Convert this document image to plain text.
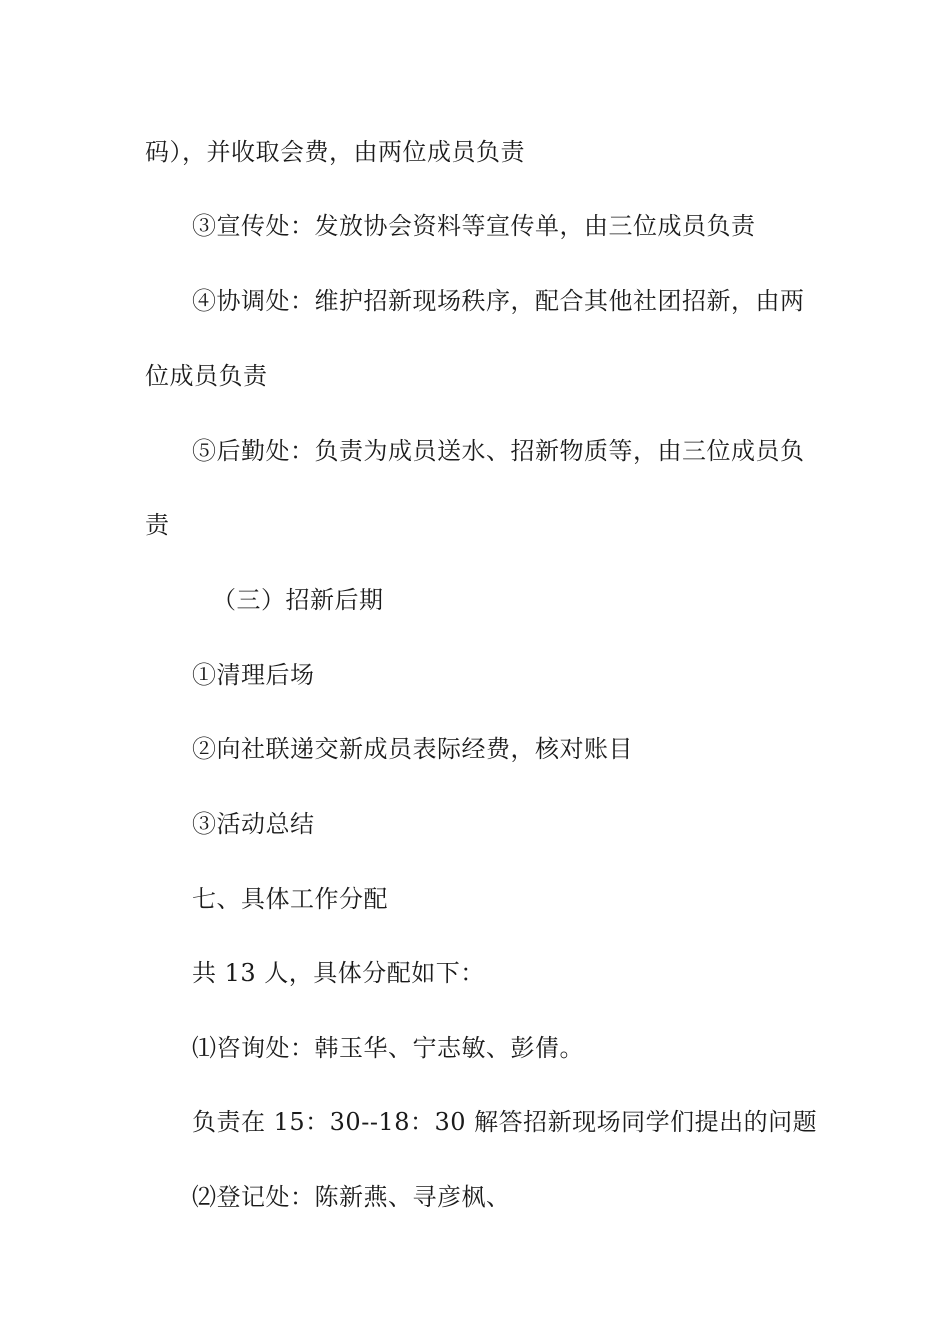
码），并收取会费，由两位成员负责
③宣传处：发放协会资料等宣传单，由三位成员负责
④协调处：维护招新现场秩序，配合其他社团招新，由两
位成员负责
⑤后勤处：负责为成员送水、招新物质等，由三位成员负
责
（三）招新后期
①清理后场
②向社联递交新成员表际经费，核对账目
③活动总结
七、具体工作分配
共 13 人，具体分配如下：
⑴咨询处：韩玉华、宁志敏、彭倩。
负责在 15：30--18：30 解答招新现场同学们提出的问题
⑵登记处：陈新燕、寻彦枫、
